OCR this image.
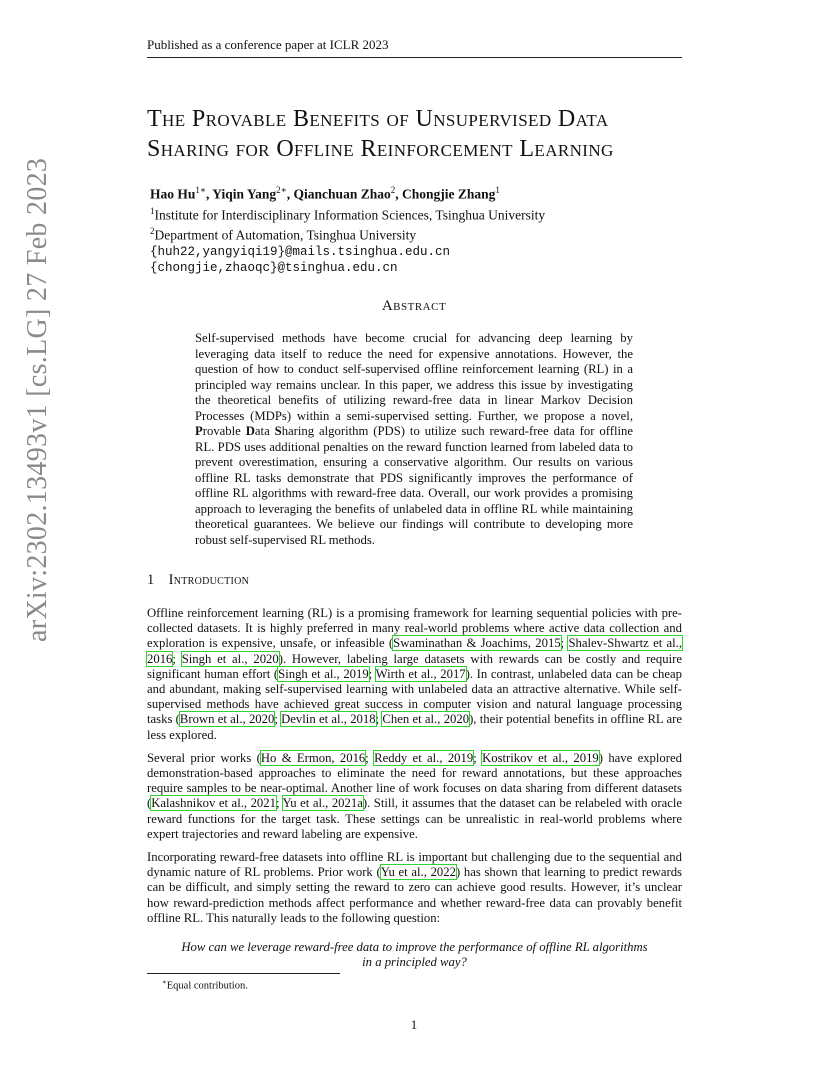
Published as a conference paper at ICLR 2023
arXiv:2302.13493v1 [cs.LG] 27 Feb 2023
The Provable Benefits of Unsupervised Data
Sharing for Offline Reinforcement Learning
Hao $Hu^{1∗}$, Yiqin Yang$^{2∗}$, Qianchuan Zhao$^2$, Chongjie Zhang$^1$
$^1$Institute for Interdisciplinary Information Sciences, Tsinghua University
$^2$Department of Automation, Tsinghua University
{huh22,yangyiqi19}@mails.tsinghua.edu.cn
{chongjie,zhaoqc}@tsinghua.edu.cn
Abstract
Self-supervised methods have become crucial for advancing deep learning by leveraging data itself to reduce the need for expensive annotations. However, the question of how to conduct self-supervised offline reinforcement learning (RL) in a principled way remains unclear. In this paper, we address this issue by investigating the theoretical benefits of utilizing reward-free data in linear Markov Decision Processes (MDPs) within a semi-supervised setting. Further, we propose a novel, Provable Data Sharing algorithm (PDS) to utilize such reward-free data for offline RL. PDS uses additional penalties on the reward function learned from labeled data to prevent overestimation, ensuring a conservative algorithm. Our results on various offline RL tasks demonstrate that PDS significantly improves the performance of offline RL algorithms with reward-free data. Overall, our work provides a promising approach to leveraging the benefits of unlabeled data in offline RL while maintaining theoretical guarantees. We believe our findings will contribute to developing more robust self-supervised RL methods.
1 Introduction

Offline reinforcement learning (RL) is a promising framework for learning sequential policies with pre-collected datasets. It is highly preferred in many real-world problems where active data collection and exploration is expensive, unsafe, or infeasible (Swaminathan & Joachims, 2015; Shalev-Shwartz et al., 2016; Singh et al., 2020). However, labeling large datasets with rewards can be costly and require significant human effort (Singh et al., 2019; Wirth et al., 2017). In contrast, unlabeled data can be cheap and abundant, making self-supervised learning with unlabeled data an attractive alternative. While self-supervised methods have achieved great success in computer vision and natural language processing tasks (Brown et al., 2020; Devlin et al., 2018; Chen et al., 2020), their potential benefits in offline RL are less explored.

Several prior works (Ho & Ermon, 2016; Reddy et al., 2019; Kostrikov et al., 2019) have explored demonstration-based approaches to eliminate the need for reward annotations, but these approaches require samples to be near-optimal. Another line of work focuses on data sharing from different datasets (Kalashnikov et al., 2021; Yu et al., 2021a). Still, it assumes that the dataset can be relabeled with oracle reward functions for the target task. These settings can be unrealistic in real-world problems where expert trajectories and reward labeling are expensive.

Incorporating reward-free datasets into offline RL is important but challenging due to the sequential and dynamic nature of RL problems. Prior work (Yu et al., 2022) has shown that learning to predict rewards can be difficult, and simply setting the reward to zero can achieve good results. However, it’s unclear how reward-prediction methods affect performance and whether reward-free data can provably benefit offline RL. This naturally leads to the following question:

How can we leverage reward-free data to improve the performance of offline RL algorithms in a principled way?
∗Equal contribution.
1
